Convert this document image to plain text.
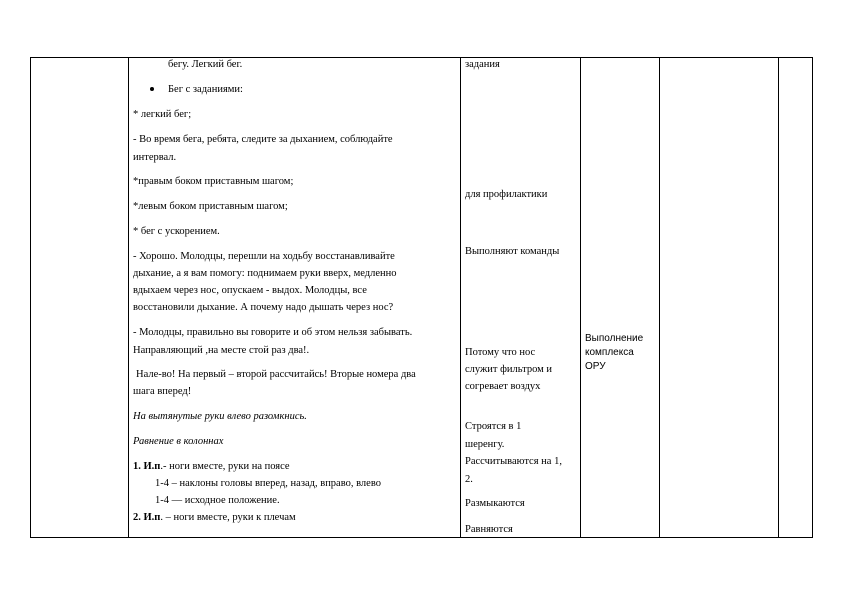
бегу. Легкий бег.
Бег с заданиями:
* легкий бег;
- Во время бега, ребята, следите за дыханием, соблюдайте
интервал.
*правым боком приставным шагом;
*левым боком приставным шагом;
* бег с ускорением.
- Хорошо. Молодцы, перешли на ходьбу восстанавливайте
дыхание, а я вам помогу: поднимаем руки вверх, медленно
вдыхаем через нос, опускаем - выдох. Молодцы, все
восстановили дыхание. А почему надо дышать через нос?
- Молодцы, правильно вы говорите и об этом нельзя забывать.
Направляющий ,на месте стой раз два!.
Нале-во! На первый – второй рассчитайсь! Вторые номера два
шага вперед!
На вытянутые руки влево разомкнись.
Равнение в колоннах
1. И.п.- ноги вместе, руки на поясе
1-4 – наклоны головы вперед, назад, вправо, влево
1-4 — исходное положение.
2. И.п. – ноги вместе, руки к плечам
задания
для профилактики
Выполняют команды
Потому что нос
служит фильтром и
согревает воздух
Строятся в 1
шеренгу.
Рассчитываются на 1,
2.
Размыкаются
Равняются
Выполнение
комплекса
ОРУ
